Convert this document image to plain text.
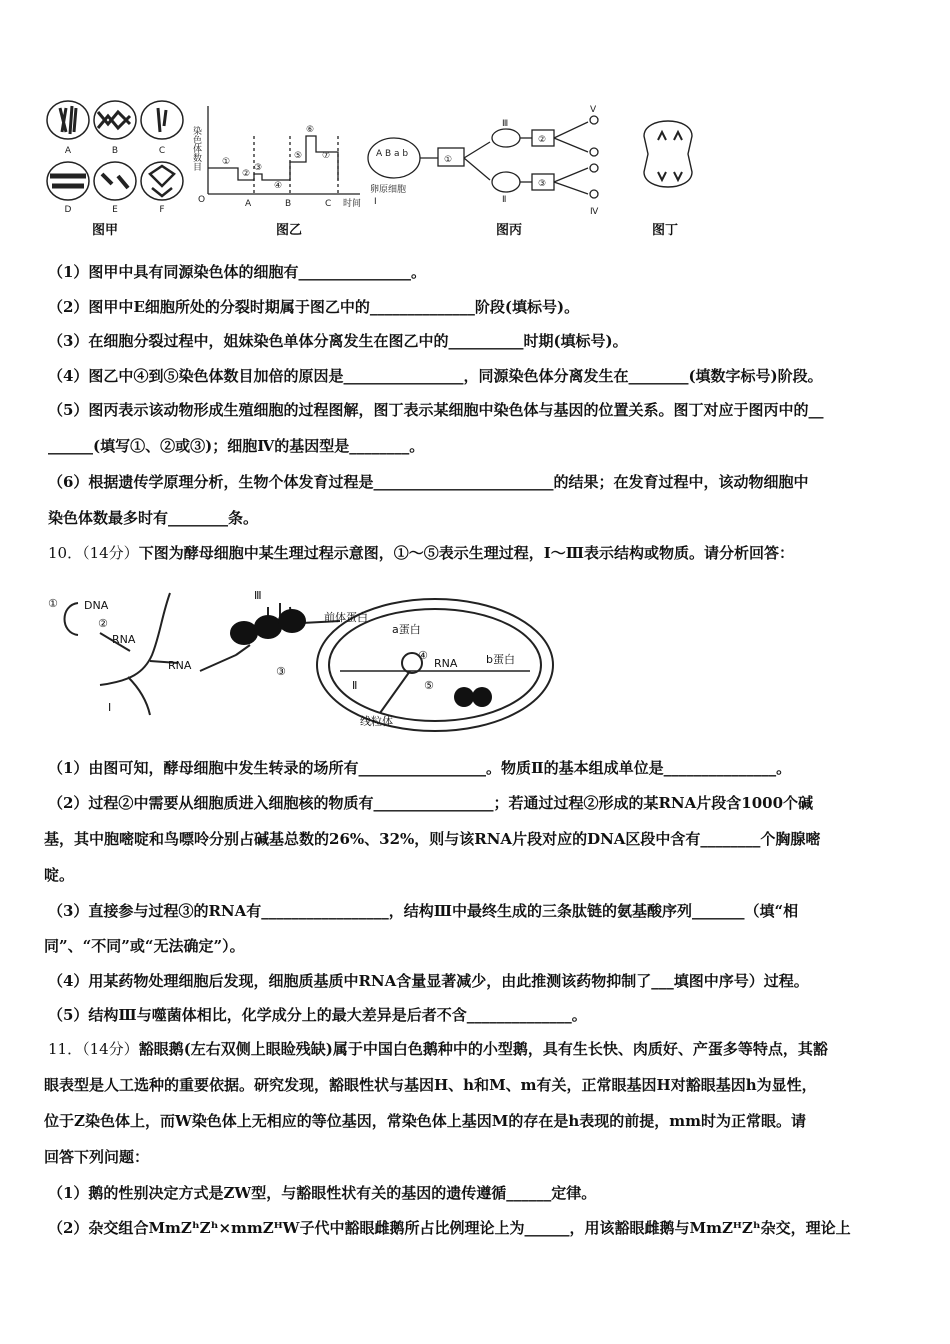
A	B	C
D	E	F
染色体数目
O
①
②
③
④
⑤
⑥
⑦
A	B	C 时间
A B a b
①
②
③
卵原细胞
Ⅰ	Ⅱ
Ⅲ
Ⅳ
Ⅴ
图甲	图乙	图丙	图丁
（1）图甲中具有同源染色体的细胞有_______________。
（2）图甲中E细胞所处的分裂时期属于图乙中的______________阶段(填标号)。
（3）在细胞分裂过程中，姐妹染色单体分离发生在图乙中的__________时期(填标号)。
（4）图乙中④到⑤染色体数目加倍的原因是________________，同源染色体分离发生在________(填数字标号)阶段。
（5）图丙表示该动物形成生殖细胞的过程图解，图丁表示某细胞中染色体与基因的位置关系。图丁对应于图丙中的__
______(填写①、②或③)；细胞Ⅳ的基因型是________。
（6）根据遗传学原理分析，生物个体发育过程是________________________的结果；在发育过程中，该动物细胞中
染色体数最多时有________条。
10．（14分）下图为酵母细胞中某生理过程示意图，①～⑤表示生理过程，Ⅰ～Ⅲ表示结构或物质。请分析回答：
① DNA
②
RNA
RNA
Ⅰ
Ⅲ
③
前体蛋白
a蛋白
④
RNA	b蛋白
⑤
Ⅱ
线粒体
（1）由图可知，酵母细胞中发生转录的场所有_________________。物质Ⅱ的基本组成单位是_______________。
（2）过程②中需要从细胞质进入细胞核的物质有________________；若通过过程②形成的某RNA片段含1000个碱
基，其中胞嘧啶和鸟嘌呤分别占碱基总数的26%、32%，则与该RNA片段对应的DNA区段中含有________个胸腺嘧
啶。
（3）直接参与过程③的RNA有_________________，结构Ⅲ中最终生成的三条肽链的氨基酸序列_______（填“相
同”、“不同”或“无法确定”）。
（4）用某药物处理细胞后发现，细胞质基质中RNA含量显著减少，由此推测该药物抑制了___填图中序号）过程。
（5）结构Ⅲ与噬菌体相比，化学成分上的最大差异是后者不含______________。
11．（14分）豁眼鹅(左右双侧上眼睑残缺)属于中国白色鹅种中的小型鹅，具有生长快、肉质好、产蛋多等特点，其豁
眼表型是人工选种的重要依据。研究发现，豁眼性状与基因H、h和M、m有关，正常眼基因H对豁眼基因h为显性，
位于Z染色体上，而W染色体上无相应的等位基因，常染色体上基因M的存在是h表现的前提，mm时为正常眼。请
回答下列问题：
（1）鹅的性别决定方式是ZW型，与豁眼性状有关的基因的遗传遵循______定律。
（2）杂交组合MmZʰZʰ×mmZᴴW子代中豁眼雌鹅所占比例理论上为______，用该豁眼雌鹅与MmZᴴZʰ杂交，理论上
